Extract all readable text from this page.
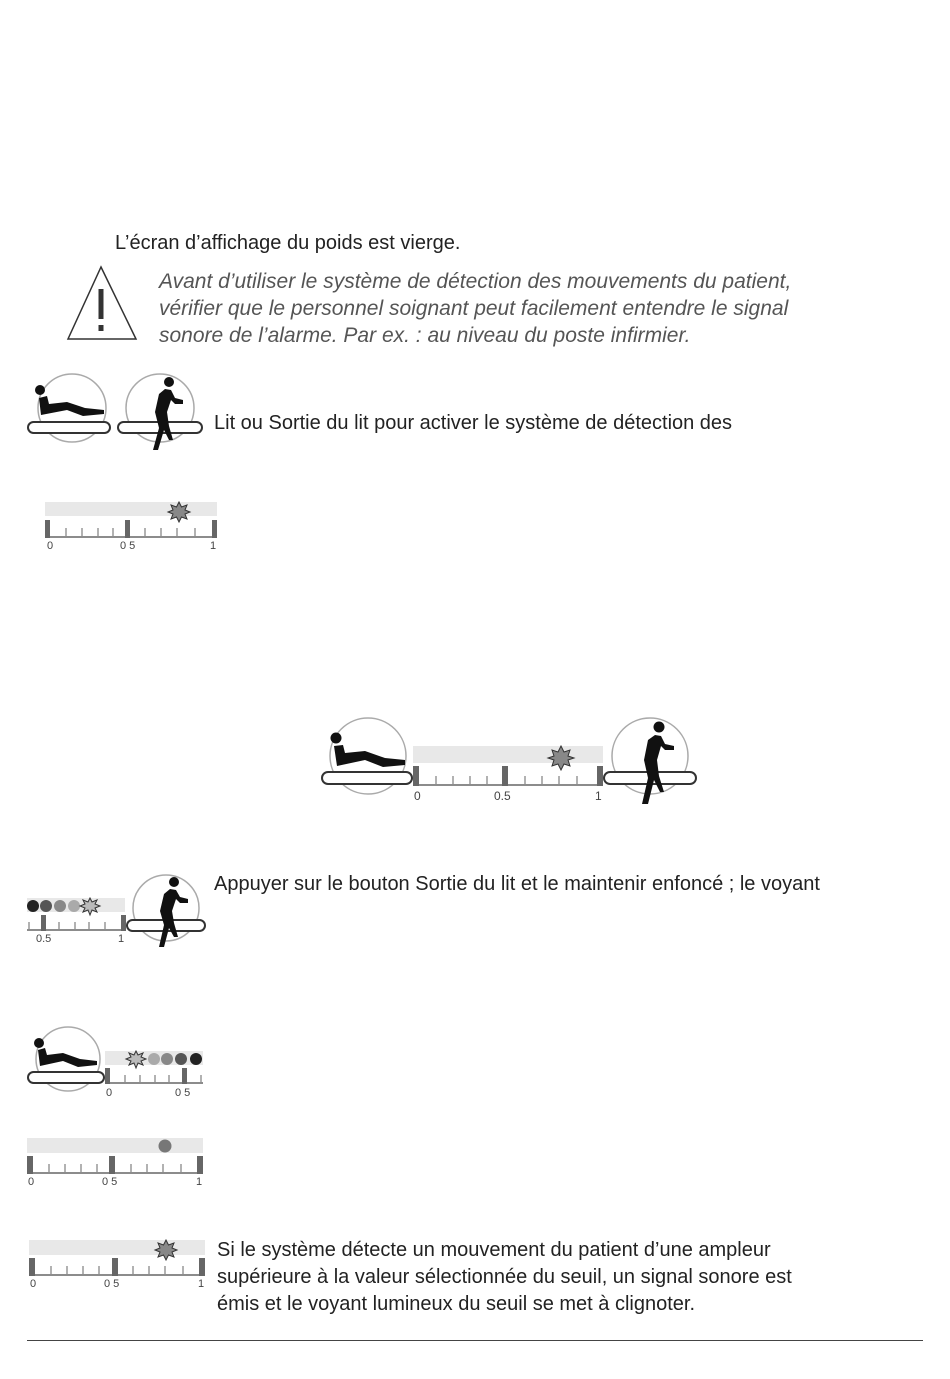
L’écran d’affichage du poids est vierge.
Avant d’utiliser le système de détection des mouvements du patient,
vérifier que le personnel soignant peut facilement entendre le signal
sonore de l’alarme. Par ex. : au niveau du poste infirmier.
Lit ou Sortie du lit pour activer le système de détection des
0	0 5	1
0	0.5	1
0.5	1
Appuyer sur le bouton Sortie du lit et le maintenir enfoncé ; le voyant
0	0 5
0	0 5	1
0	0 5	1
Si le système détecte un mouvement du patient d’une ampleur
supérieure à la valeur sélectionnée du seuil, un signal sonore est
émis et le voyant lumineux du seuil se met à clignoter.
